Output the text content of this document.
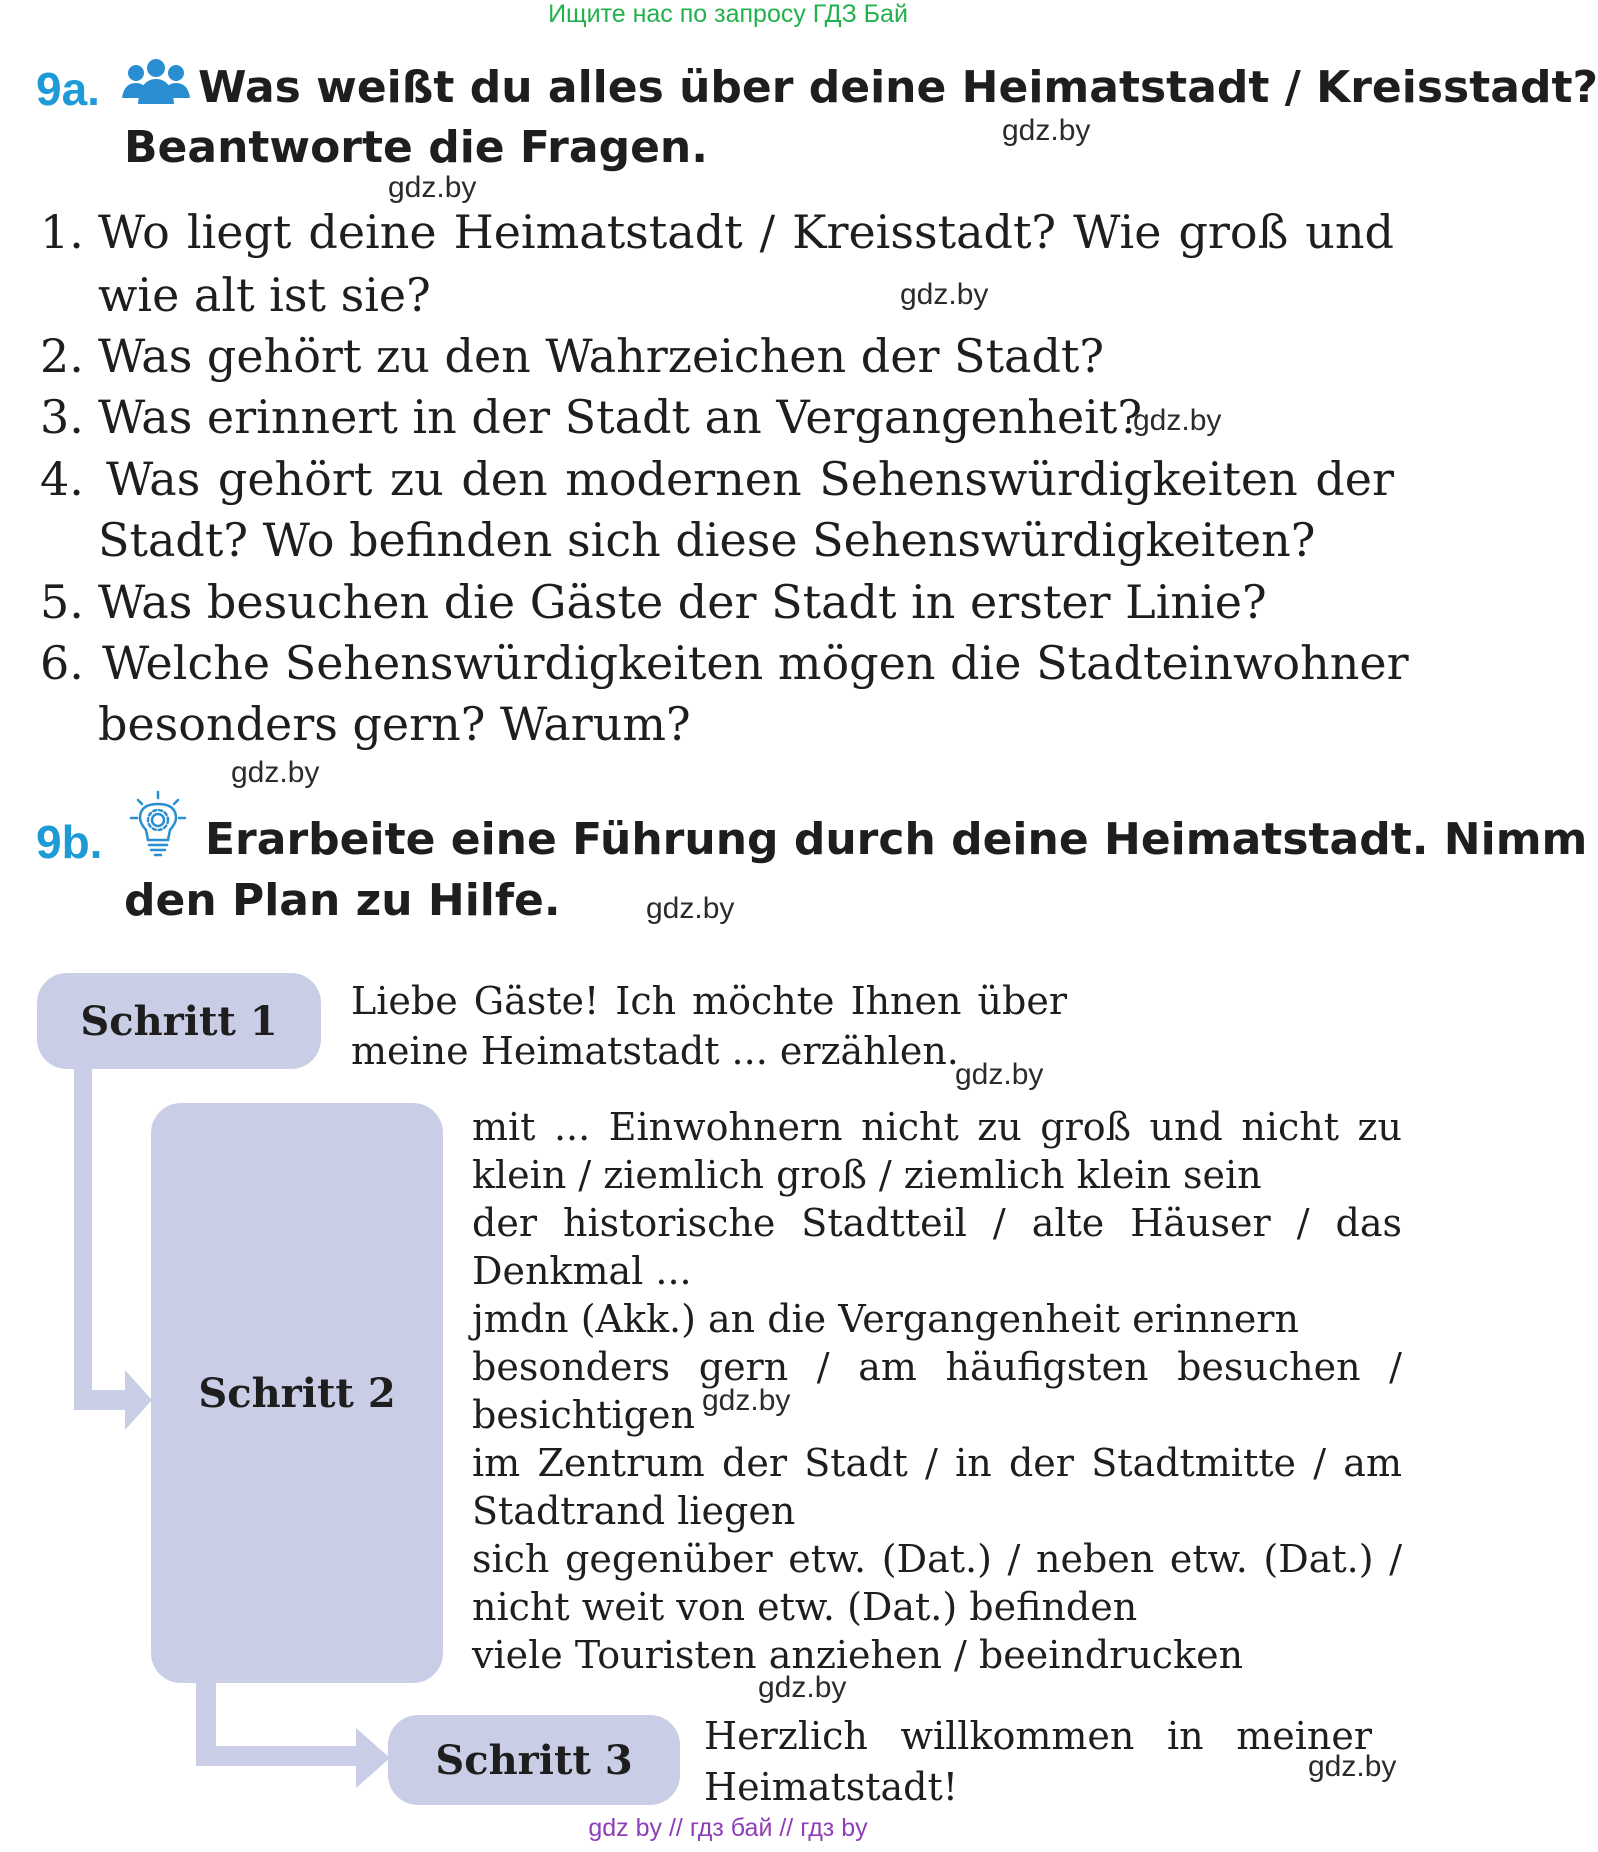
Ищите нас по запросу ГДЗ Бай
9a. Was weißt du alles über deine Heimatstadt / Kreisstadt?
Beantworte die Fragen.	gdz.by
gdz.by
gdz.by
gdz.by
gdz.by
gdz.by
gdz.by
gdz.by
gdz.by
gdz.by
1. Wo liegt deine Heimatstadt / Kreisstadt? Wie groß und
wie alt ist sie?
2. Was gehört zu den Wahrzeichen der Stadt?
3. Was erinnert in der Stadt an Vergangenheit?
4. Was gehört zu den modernen Sehenswürdigkeiten der
Stadt? Wo befinden sich diese Sehenswürdigkeiten?
5. Was besuchen die Gäste der Stadt in erster Linie?
6. Welche Sehenswürdigkeiten mögen die Stadteinwohner
besonders gern? Warum?
9b. Erarbeite eine Führung durch deine Heimatstadt. Nimm
den Plan zu Hilfe.
Schritt 1
Schritt 2
Schritt 3
Liebe Gäste! Ich möchte Ihnen über
meine Heimatstadt ... erzählen.
mit ... Einwohnern nicht zu groß und nicht zu
klein / ziemlich groß / ziemlich klein sein
der historische Stadtteil / alte Häuser / das
Denkmal ...
jmdn (Akk.) an die Vergangenheit erinnern
besonders gern / am häufigsten besuchen /
besichtigen
im Zentrum der Stadt / in der Stadtmitte / am
Stadtrand liegen
sich gegenüber etw. (Dat.) / neben etw. (Dat.) /
nicht weit von etw. (Dat.) befinden
viele Touristen anziehen / beeindrucken
Herzlich willkommen in meiner
Heimatstadt!
gdz by // гдз бай // гдз by
